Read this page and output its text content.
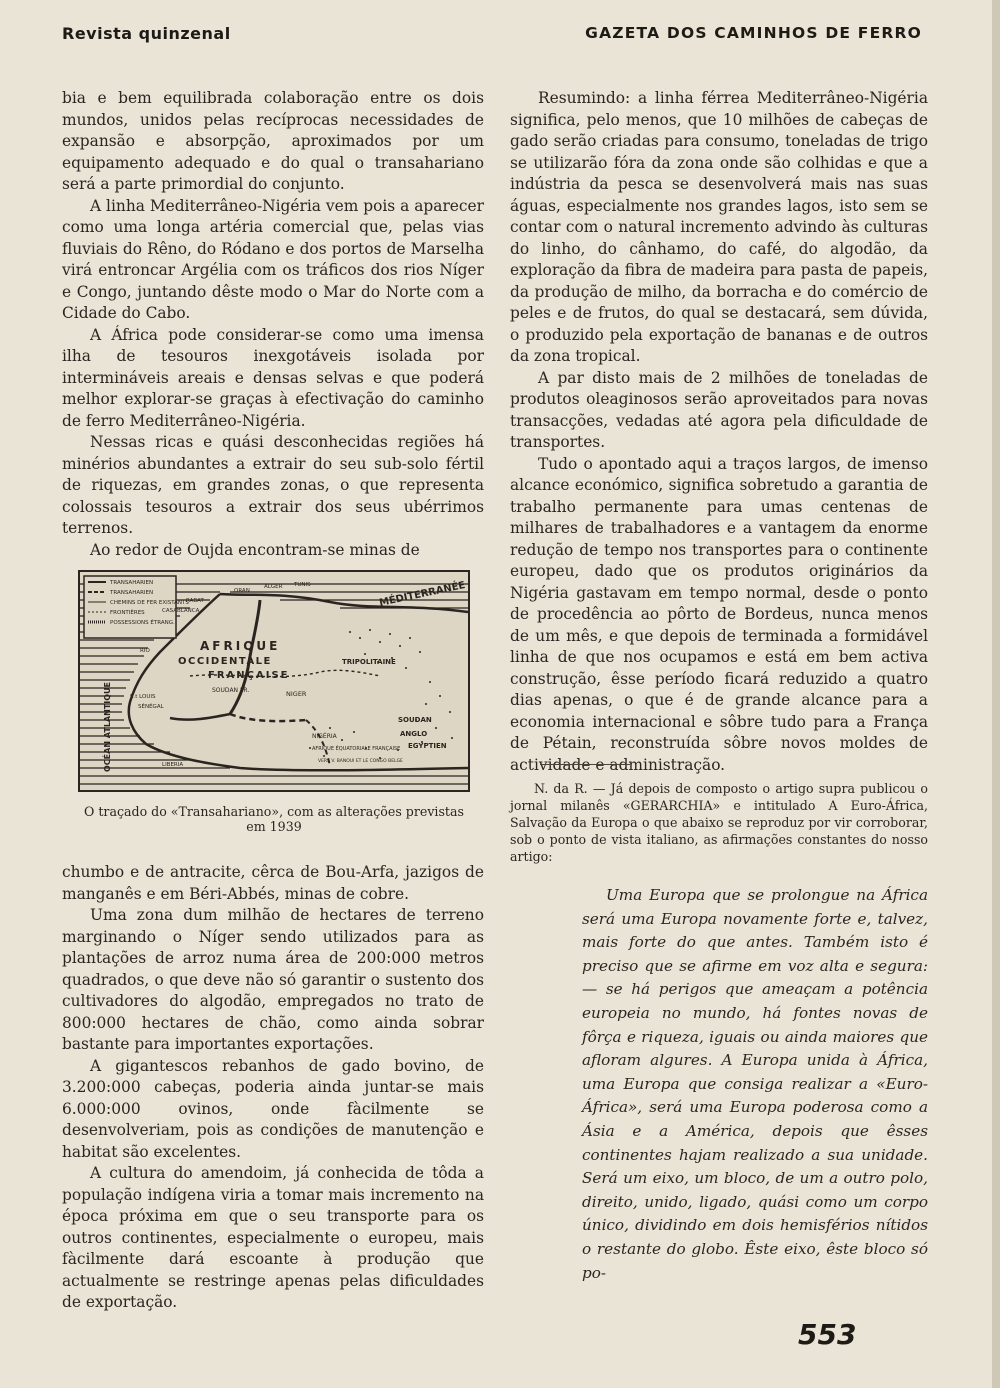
Revista quinzenal	GAZETA DOS CAMINHOS DE FERRO

bia e bem equilibrada colaboração entre os dois mundos, unidos pelas recíprocas necessidades de expansão e absorpção, aproximados por um equipamento adequado e do qual o transahariano será a parte primordial do conjunto.

A linha Mediterrâneo-Nigéria vem pois a aparecer como uma longa artéria comercial que, pelas vias fluviais do Rêno, do Ródano e dos portos de Marselha virá entroncar Argélia com os tráficos dos rios Níger e Congo, juntando dêste modo o Mar do Norte com a Cidade do Cabo.

A África pode considerar-se como uma imensa ilha de tesouros inexgotáveis isolada por intermináveis areais e densas selvas e que poderá melhor explorar-se graças à efectivação do caminho de ferro Mediterrâneo-Nigéria.

Nessas ricas e quási desconhecidas regiões há minérios abundantes a extrair do seu sub-solo fértil de riquezas, em grandes zonas, o que representa colossais tesouros a extrair dos seus ubérrimos terrenos.

Ao redor de Oujda encontram-se minas de

TRANSAHARIEN
TRANSAHARIEN
CHEMINS DE FER EXISTANTS
FRONTIÈRES
POSSESSIONS ÉTRANG.
MÉDITERRANÉE
AFRIQUE
OCCIDENTALE
FRANÇAISE
OCÉAN ATLANTIQUE
TRIPOLITAINE
SOUDAN FR.	NIGER
SOUDAN
ANGLO
EGYPTIEN
NIGÉRIA
AFRIQUE ÉQUATORIALE FRANÇAISE
SÉNÉGAL
ORAN
ALGER TUNIS
RABAT
CASABLANCA
LIBERIA
S.t LOUIS
RIO
VERS V. BANOUI ET LE CONGO BELGE
O traçado do «Transahariano», com as alterações previstas em 1939

chumbo e de antracite, cêrca de Bou-Arfa, jazigos de manganês e em Béri-Abbés, minas de cobre.

Uma zona dum milhão de hectares de terreno marginando o Níger sendo utilizados para as plantações de arroz numa área de 200:000 metros quadrados, o que deve não só garantir o sustento dos cultivadores do algodão, empregados no trato de 800:000 hectares de chão, como ainda sobrar bastante para importantes exportações.

A gigantescos rebanhos de gado bovino, de 3.200:000 cabeças, poderia ainda juntar-se mais 6.000:000 ovinos, onde fàcilmente se desenvolveriam, pois as condições de manutenção e habitat são excelentes.

A cultura do amendoim, já conhecida de tôda a população indígena viria a tomar mais incremento na época próxima em que o seu transporte para os outros continentes, especialmente o europeu, mais fàcilmente dará escoante à produção que actualmente se restringe apenas pelas dificuldades de exportação.

Resumindo: a linha férrea Mediterrâneo-Nigéria significa, pelo menos, que 10 milhões de cabeças de gado serão criadas para consumo, toneladas de trigo se utilizarão fóra da zona onde são colhidas e que a indústria da pesca se desenvolverá mais nas suas águas, especialmente nos grandes lagos, isto sem se contar com o natural incremento advindo às culturas do linho, do cânhamo, do café, do algodão, da exploração da fibra de madeira para pasta de papeis, da produção de milho, da borracha e do comércio de peles e de frutos, do qual se destacará, sem dúvida, o produzido pela exportação de bananas e de outros da zona tropical.

A par disto mais de 2 milhões de toneladas de produtos oleaginosos serão aproveitados para novas transacções, vedadas até agora pela dificuldade de transportes.

Tudo o apontado aqui a traços largos, de imenso alcance económico, significa sobretudo a garantia de trabalho permanente para umas centenas de milhares de trabalhadores e a vantagem da enorme redução de tempo nos transportes para o continente europeu, dado que os produtos originários da Nigéria gastavam em tempo normal, desde o ponto de procedência ao pôrto de Bordeus, nunca menos de um mês, e que depois de terminada a formidável linha de que nos ocupamos e está em bem activa construção, êsse período ficará reduzido a quatro dias apenas, o que é de grande alcance para a economia internacional e sôbre tudo para a França de Pétain, reconstruída sôbre novos moldes de actividade e administração.

N. da R. — Já depois de composto o artigo supra publicou o jornal milanês «GERARCHIA» e intitulado A Euro-África, Salvação da Europa o que abaixo se reproduz por vir corroborar, sob o ponto de vista italiano, as afirmações constantes do nosso artigo:

Uma Europa que se prolongue na África será uma Europa novamente forte e, talvez, mais forte do que antes. Também isto é preciso que se afirme em voz alta e segura: — se há perigos que ameaçam a potência europeia no mundo, há fontes novas de fôrça e riqueza, iguais ou ainda maiores que afloram algures. A Europa unida à África, uma Europa que consiga realizar a «Euro-África», será uma Europa poderosa como a Ásia e a América, depois que êsses continentes hajam realizado a sua unidade. Será um eixo, um bloco, de um a outro polo, direito, unido, ligado, quási como um corpo único, dividindo em dois hemisférios nítidos o restante do globo. Êste eixo, êste bloco só po-

553
